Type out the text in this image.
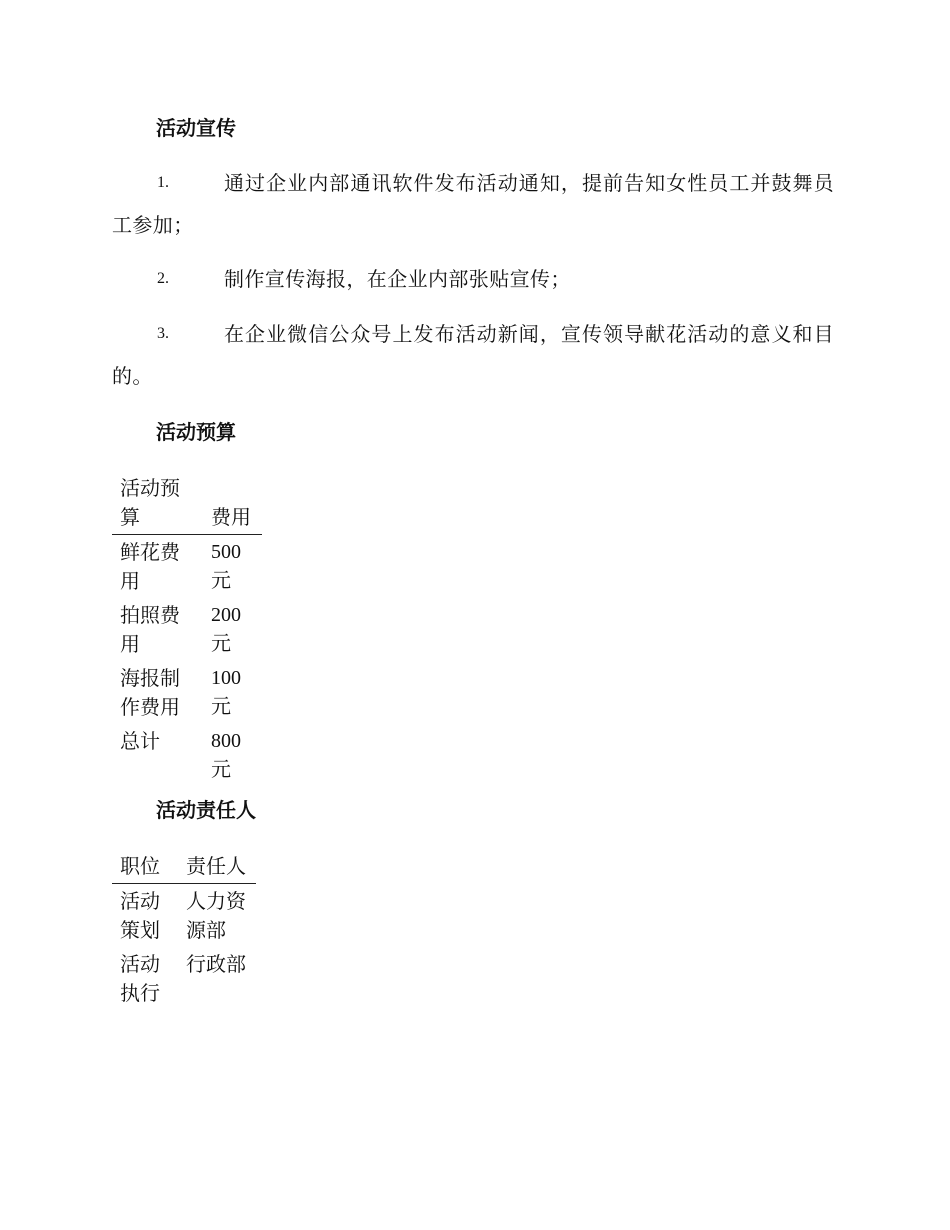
活动宣传

1.	通过企业内部通讯软件发布活动通知，提前告知女性员工并鼓舞员工参加；

2.	制作宣传海报，在企业内部张贴宣传；

3.	在企业微信公众号上发布活动新闻，宣传领导献花活动的意义和目的。

活动预算
活动预算	费用
鲜花费用	500元
拍照费用	200元
海报制作费用	100元
总计	800元
活动责任人
职位	责任人
活动策划	人力资源部
活动执行	行政部
